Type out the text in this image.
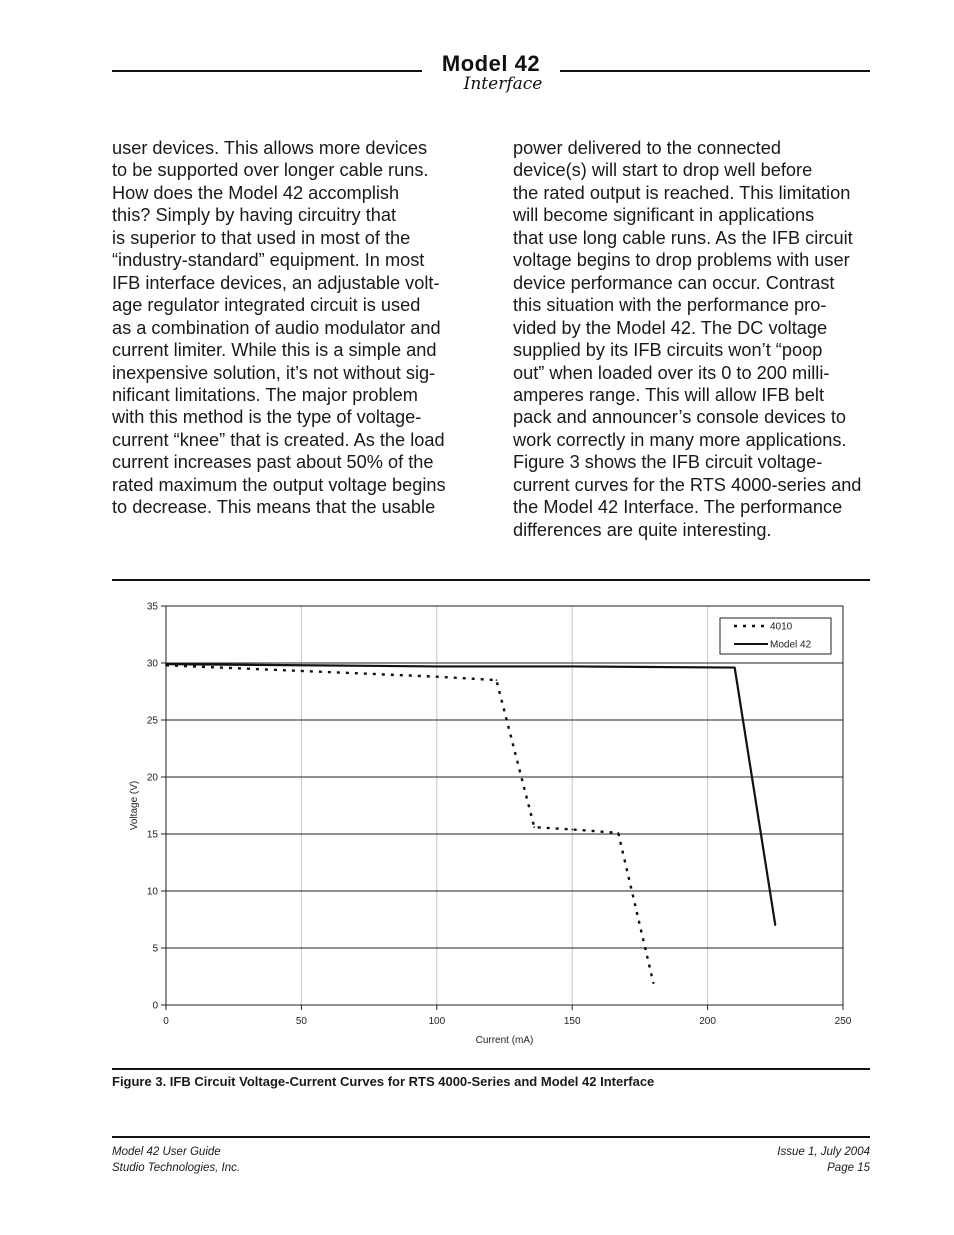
Model 42
Interface
user devices. This allows more devices
to be supported over longer cable runs.
How does the Model 42 accomplish
this? Simply by having circuitry that
is superior to that used in most of the
“industry-standard” equipment. In most
IFB interface devices, an adjustable volt-
age regulator integrated circuit is used
as a combination of audio modulator and
current limiter. While this is a simple and
inexpensive solution, it’s not without sig-
nificant limitations. The major problem
with this method is the type of voltage-
current “knee” that is created. As the load
current increases past about 50% of the
rated maximum the output voltage begins
to decrease. This means that the usable
power delivered to the connected
device(s) will start to drop well before
the rated output is reached. This limitation
will become significant in applications
that use long cable runs. As the IFB circuit
voltage begins to drop problems with user
device performance can occur. Contrast
this situation with the performance pro-
vided by the Model 42. The DC voltage
supplied by its IFB circuits won’t “poop
out” when loaded over its 0 to 200 milli-
amperes range. This will allow IFB belt
pack and announcer’s console devices to
work correctly in many more applications.
Figure 3 shows the IFB circuit voltage-
current curves for the RTS 4000-series and
the Model 42 Interface. The performance
differences are quite interesting.
0	50	100	150	200	250
0
5
10
15
20
25
30
35
Current (mA)
Voltage (V)
4010
Model 42
Figure 3. IFB Circuit Voltage-Current Curves for RTS 4000-Series and Model 42 Interface
Model 42 User Guide
Studio Technologies, Inc.
Issue 1, July 2004
Page 15
